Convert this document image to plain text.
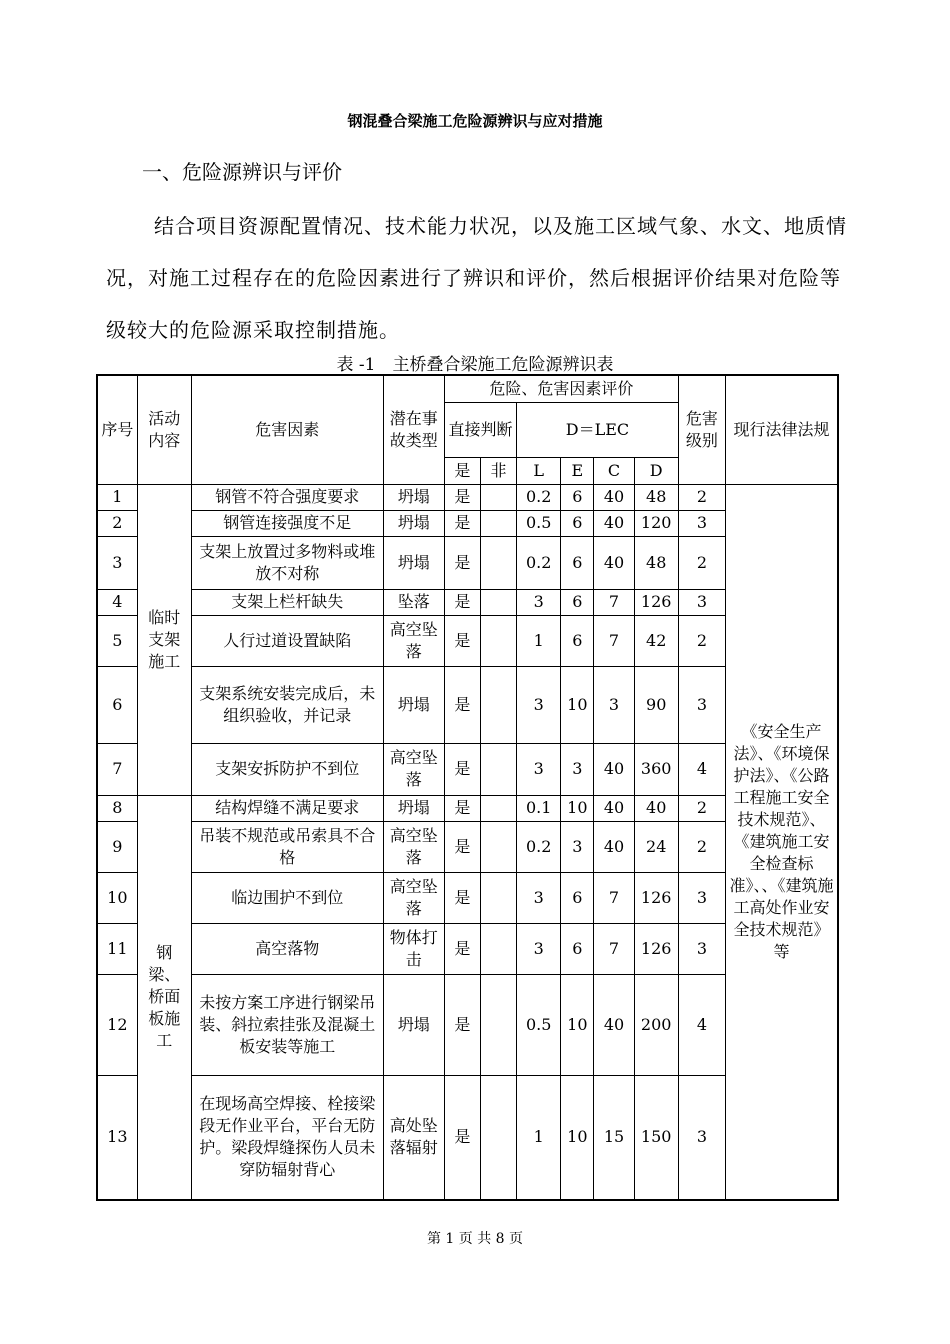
钢混叠合梁施工危险源辨识与应对措施
一、危险源辨识与评价
结合项目资源配置情况、技术能力状况，以及施工区域气象、水文、地质情况，对施工过程存在的危险因素进行了辨识和评价，然后根据评价结果对危险等级较大的危险源采取控制措施。
表 -1　主桥叠合梁施工危险源辨识表
序号	活动内容	危害因素	潜在事故类型	危险、危害因素评价						危害级别	现行法律法规
				直接判断		D＝LEC					
				是	非	L	E	C	D		
1	临时支架施工	钢管不符合强度要求	坍塌	是		0.2	6	40	48	2	《安全生产法》、《环境保护法》、《公路工程施工安全技术规范》、《建筑施工安全检查标准》、、《建筑施工高处作业安全技术规范》等
2		钢管连接强度不足	坍塌	是		0.5	6	40	120	3	
3		支架上放置过多物料或堆放不对称	坍塌	是		0.2	6	40	48	2	
4		支架上栏杆缺失	坠落	是		3	6	7	126	3	
5		人行过道设置缺陷	高空坠落	是		1	6	7	42	2	
6		支架系统安装完成后，未组织验收，并记录	坍塌	是		3	10	3	90	3	
7		支架安拆防护不到位	高空坠落	是		3	3	40	360	4	
8	钢梁、桥面板施工	结构焊缝不满足要求	坍塌	是		0.1	10	40	40	2	
9		吊装不规范或吊索具不合格	高空坠落	是		0.2	3	40	24	2	
10		临边围护不到位	高空坠落	是		3	6	7	126	3	
11		高空落物	物体打击	是		3	6	7	126	3	
12		未按方案工序进行钢梁吊装、斜拉索挂张及混凝土板安装等施工	坍塌	是		0.5	10	40	200	4	
13		在现场高空焊接、栓接梁段无作业平台，平台无防护。梁段焊缝探伤人员未穿防辐射背心	高处坠落辐射	是		1	10	15	150	3	
第 1 页 共 8 页
